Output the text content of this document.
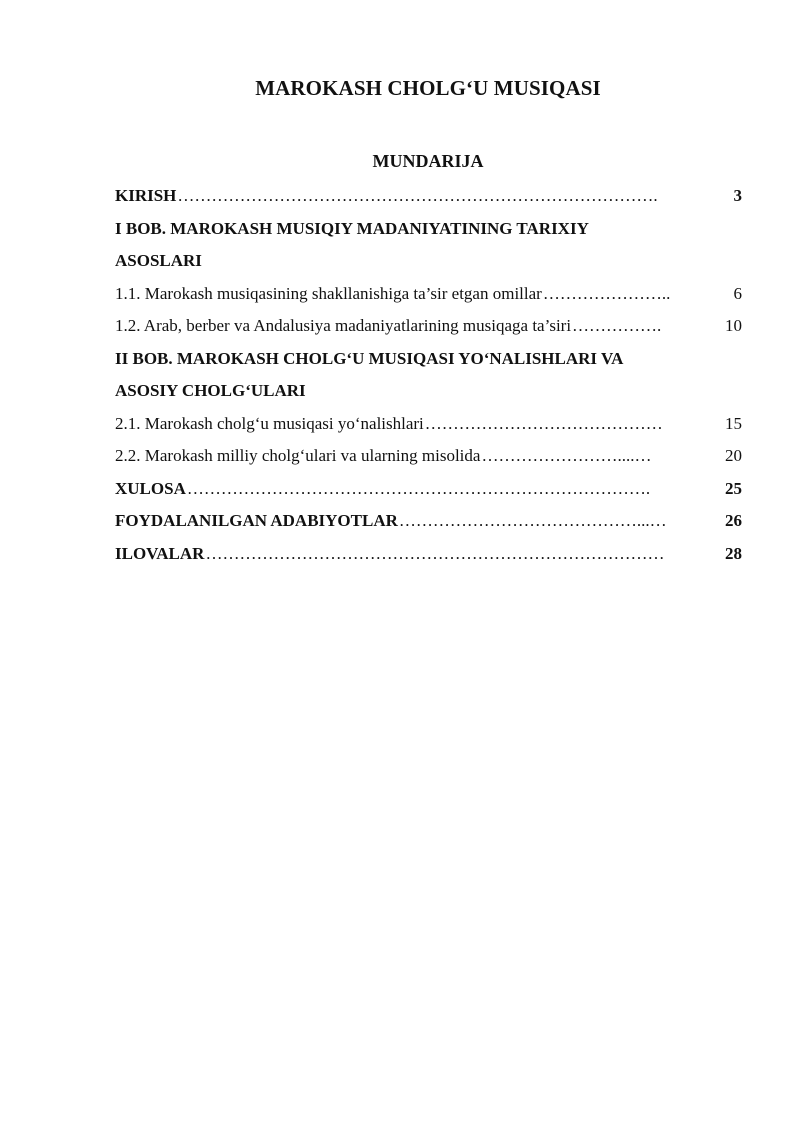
MAROKASH CHOLG‘U MUSIQASI
MUNDARIJA
KIRISH ………………………………………………………………………….	3
I BOB. MAROKASH MUSIQIY MADANIYATINING TARIXIY
ASOSLARI
1.1. Marokash musiqasining shakllanishiga ta’sir etgan omillar …………………..	6
1.2. Arab, berber va Andalusiya madaniyatlarining musiqaga ta’siri …………….	10
II BOB. MAROKASH CHOLG‘U MUSIQASI YO‘NALISHLARI VA
ASOSIY CHOLG‘ULARI
2.1. Marokash cholg‘u musiqasi yo‘nalishlari ……………………………………	15
2.2. Marokash milliy cholg‘ulari va ularning misolida ……………………....…	20
XULOSA ……………………………………………………………………….	25
FOYDALANILGAN ADABIYOTLAR ……………………………………...…	26
ILOVALAR ………………………………………………………………………	28
